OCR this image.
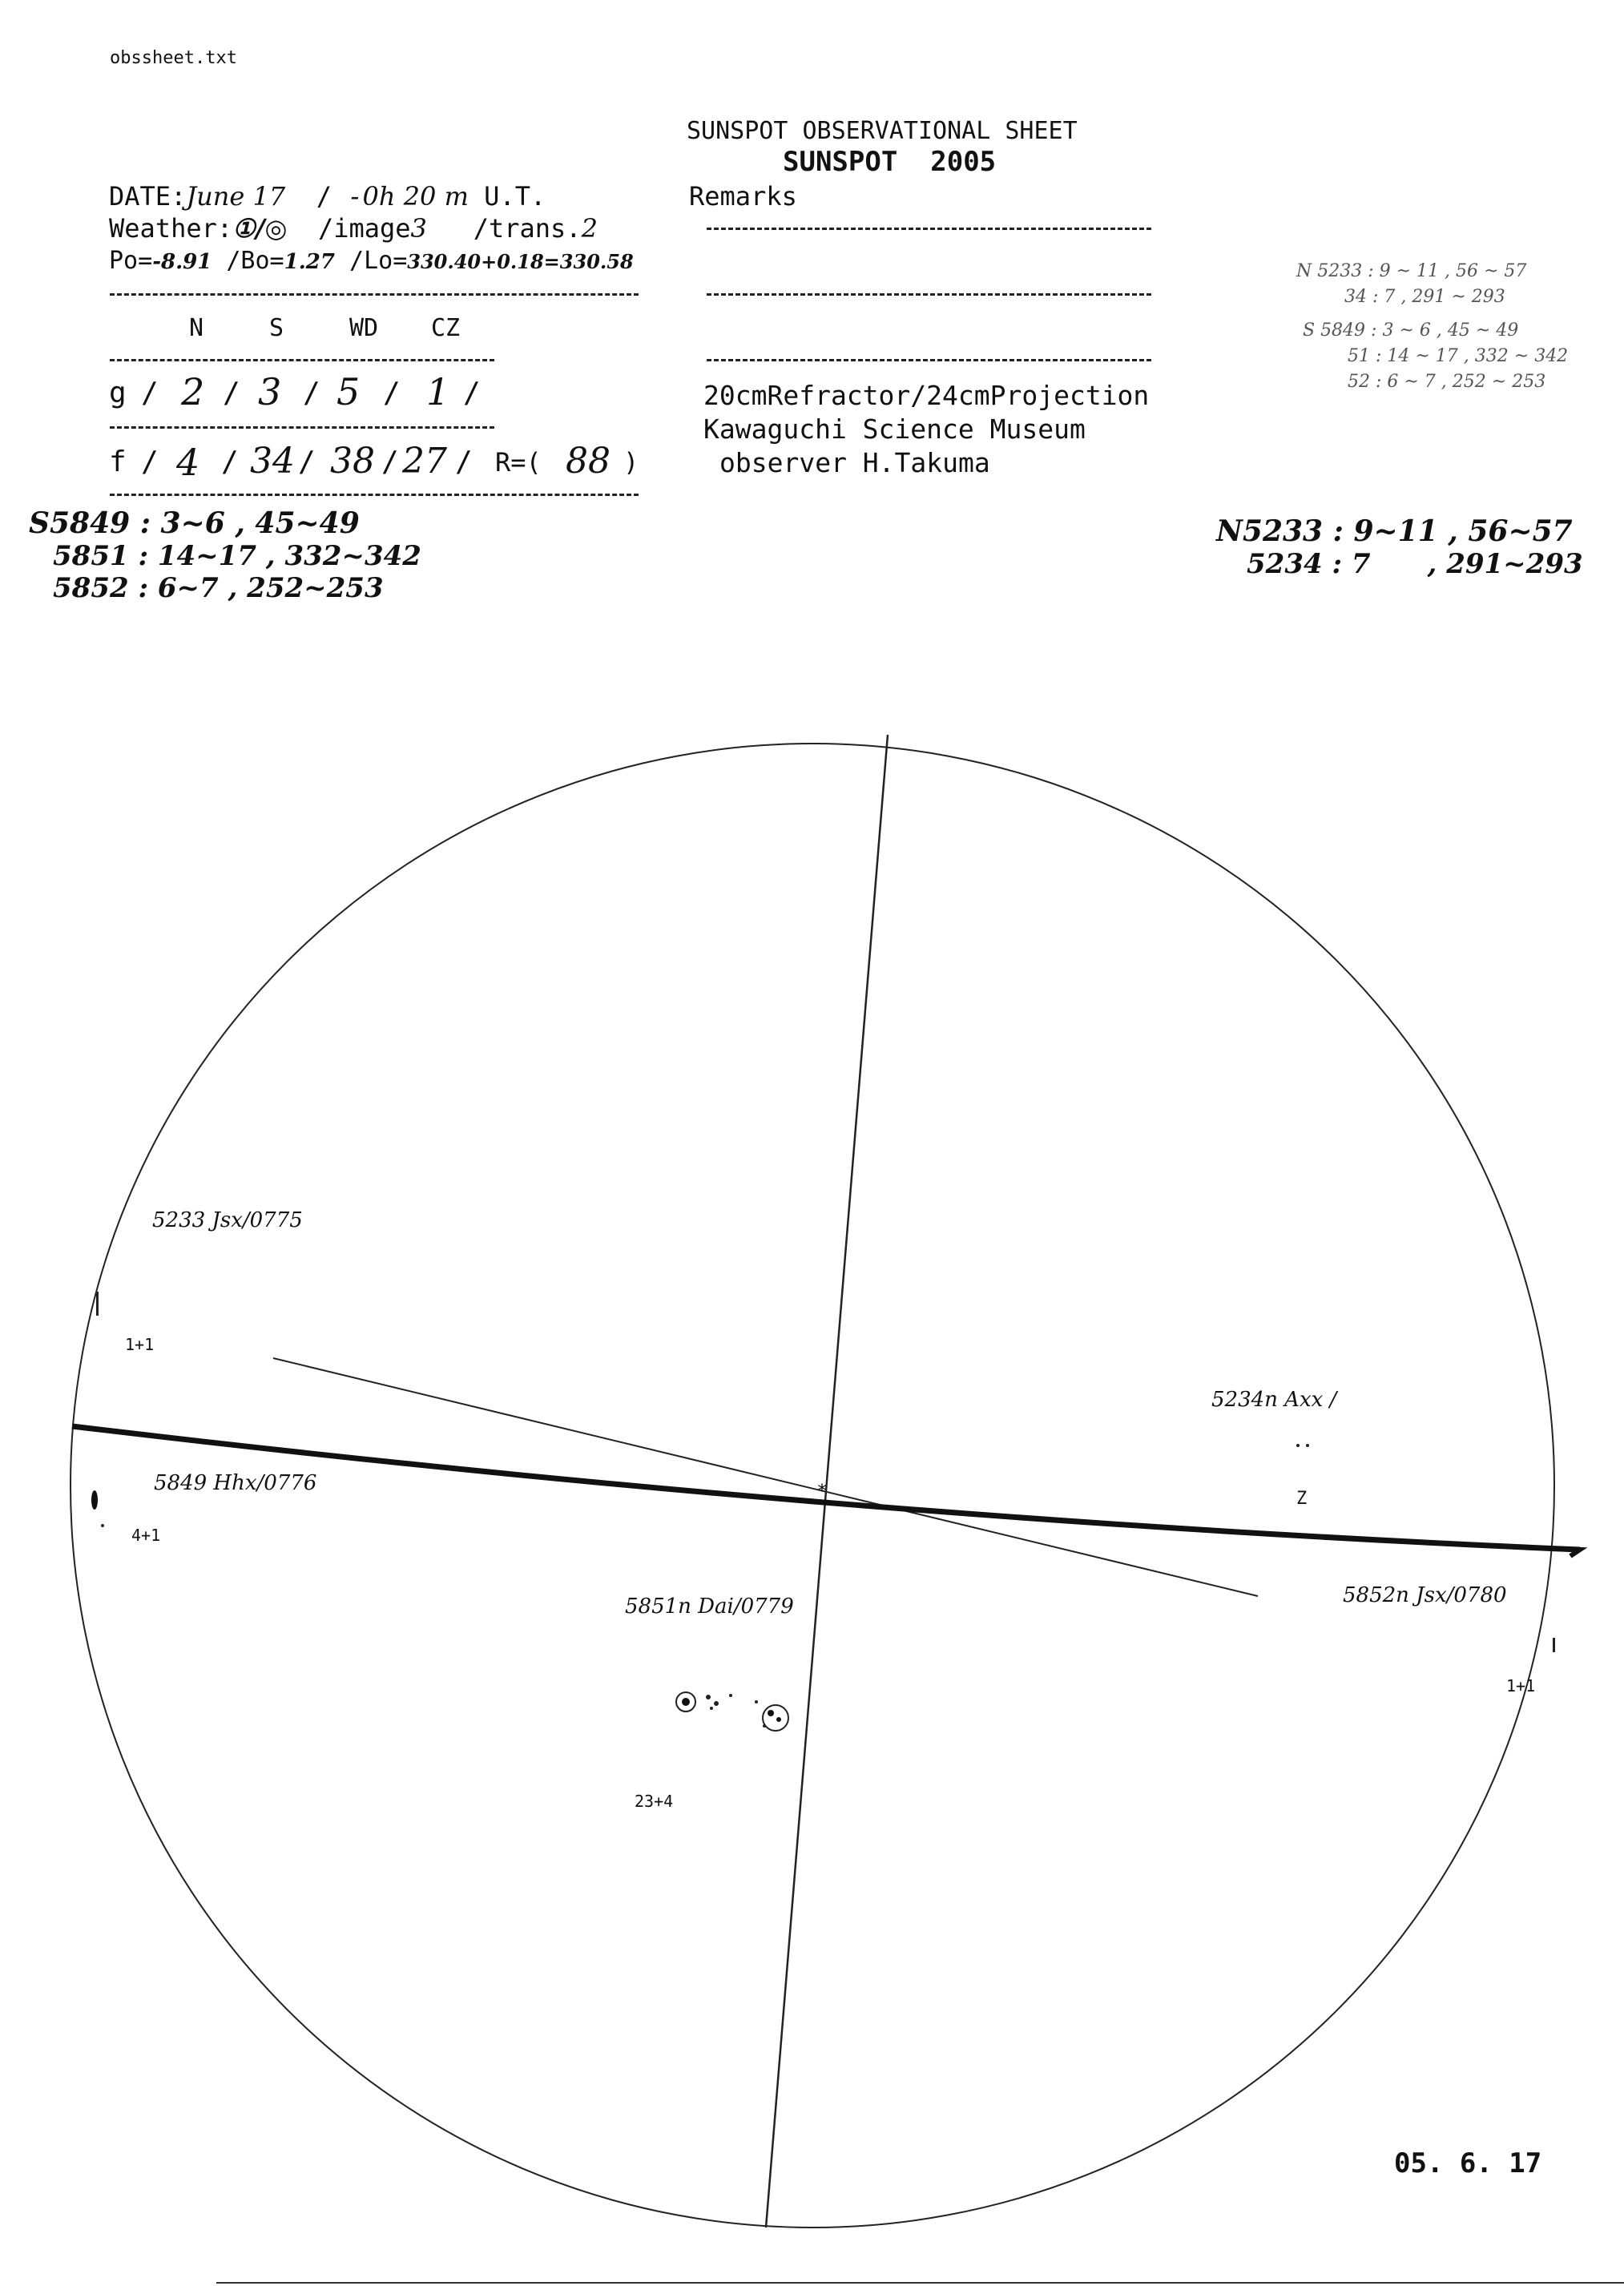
obssheet.txt
SUNSPOT OBSERVATIONAL SHEET
SUNSPOT 2005
DATE:June 17 / -0h 20 m U.T.
Weather:①/◎ /image3 /trans.2
Po=-8.91 /Bo=1.27 /Lo=330.40+0.18=330.58
N	S	WD CZ
g / 2 / 3 / 5 / 1 /
f / 4 / 34 / 38 / 27 / R=( 88 )
Remarks
20cmRefractor/24cmProjection
Kawaguchi Science Museum
observer H.Takuma
N 5233 : 9 ~ 11 , 56 ~ 57
34 : 7 , 291 ~ 293
S 5849 : 3 ~ 6 , 45 ~ 49
51 : 14 ~ 17 , 332 ~ 342
52 : 6 ~ 7 , 252 ~ 253
S5849 : 3~6 , 45~49
5851 : 14~17 , 332~342
5852 : 6~7 , 252~253
N5233 : 9~11 , 56~57
5234 : 7      , 291~293
*
5233 Jsx/0775
1+1
5849 Hhx/0776
4+1
5234n Axx /
Z
5852n Jsx/0780
1+1
5851n Dai/0779
23+4
05. 6. 17
